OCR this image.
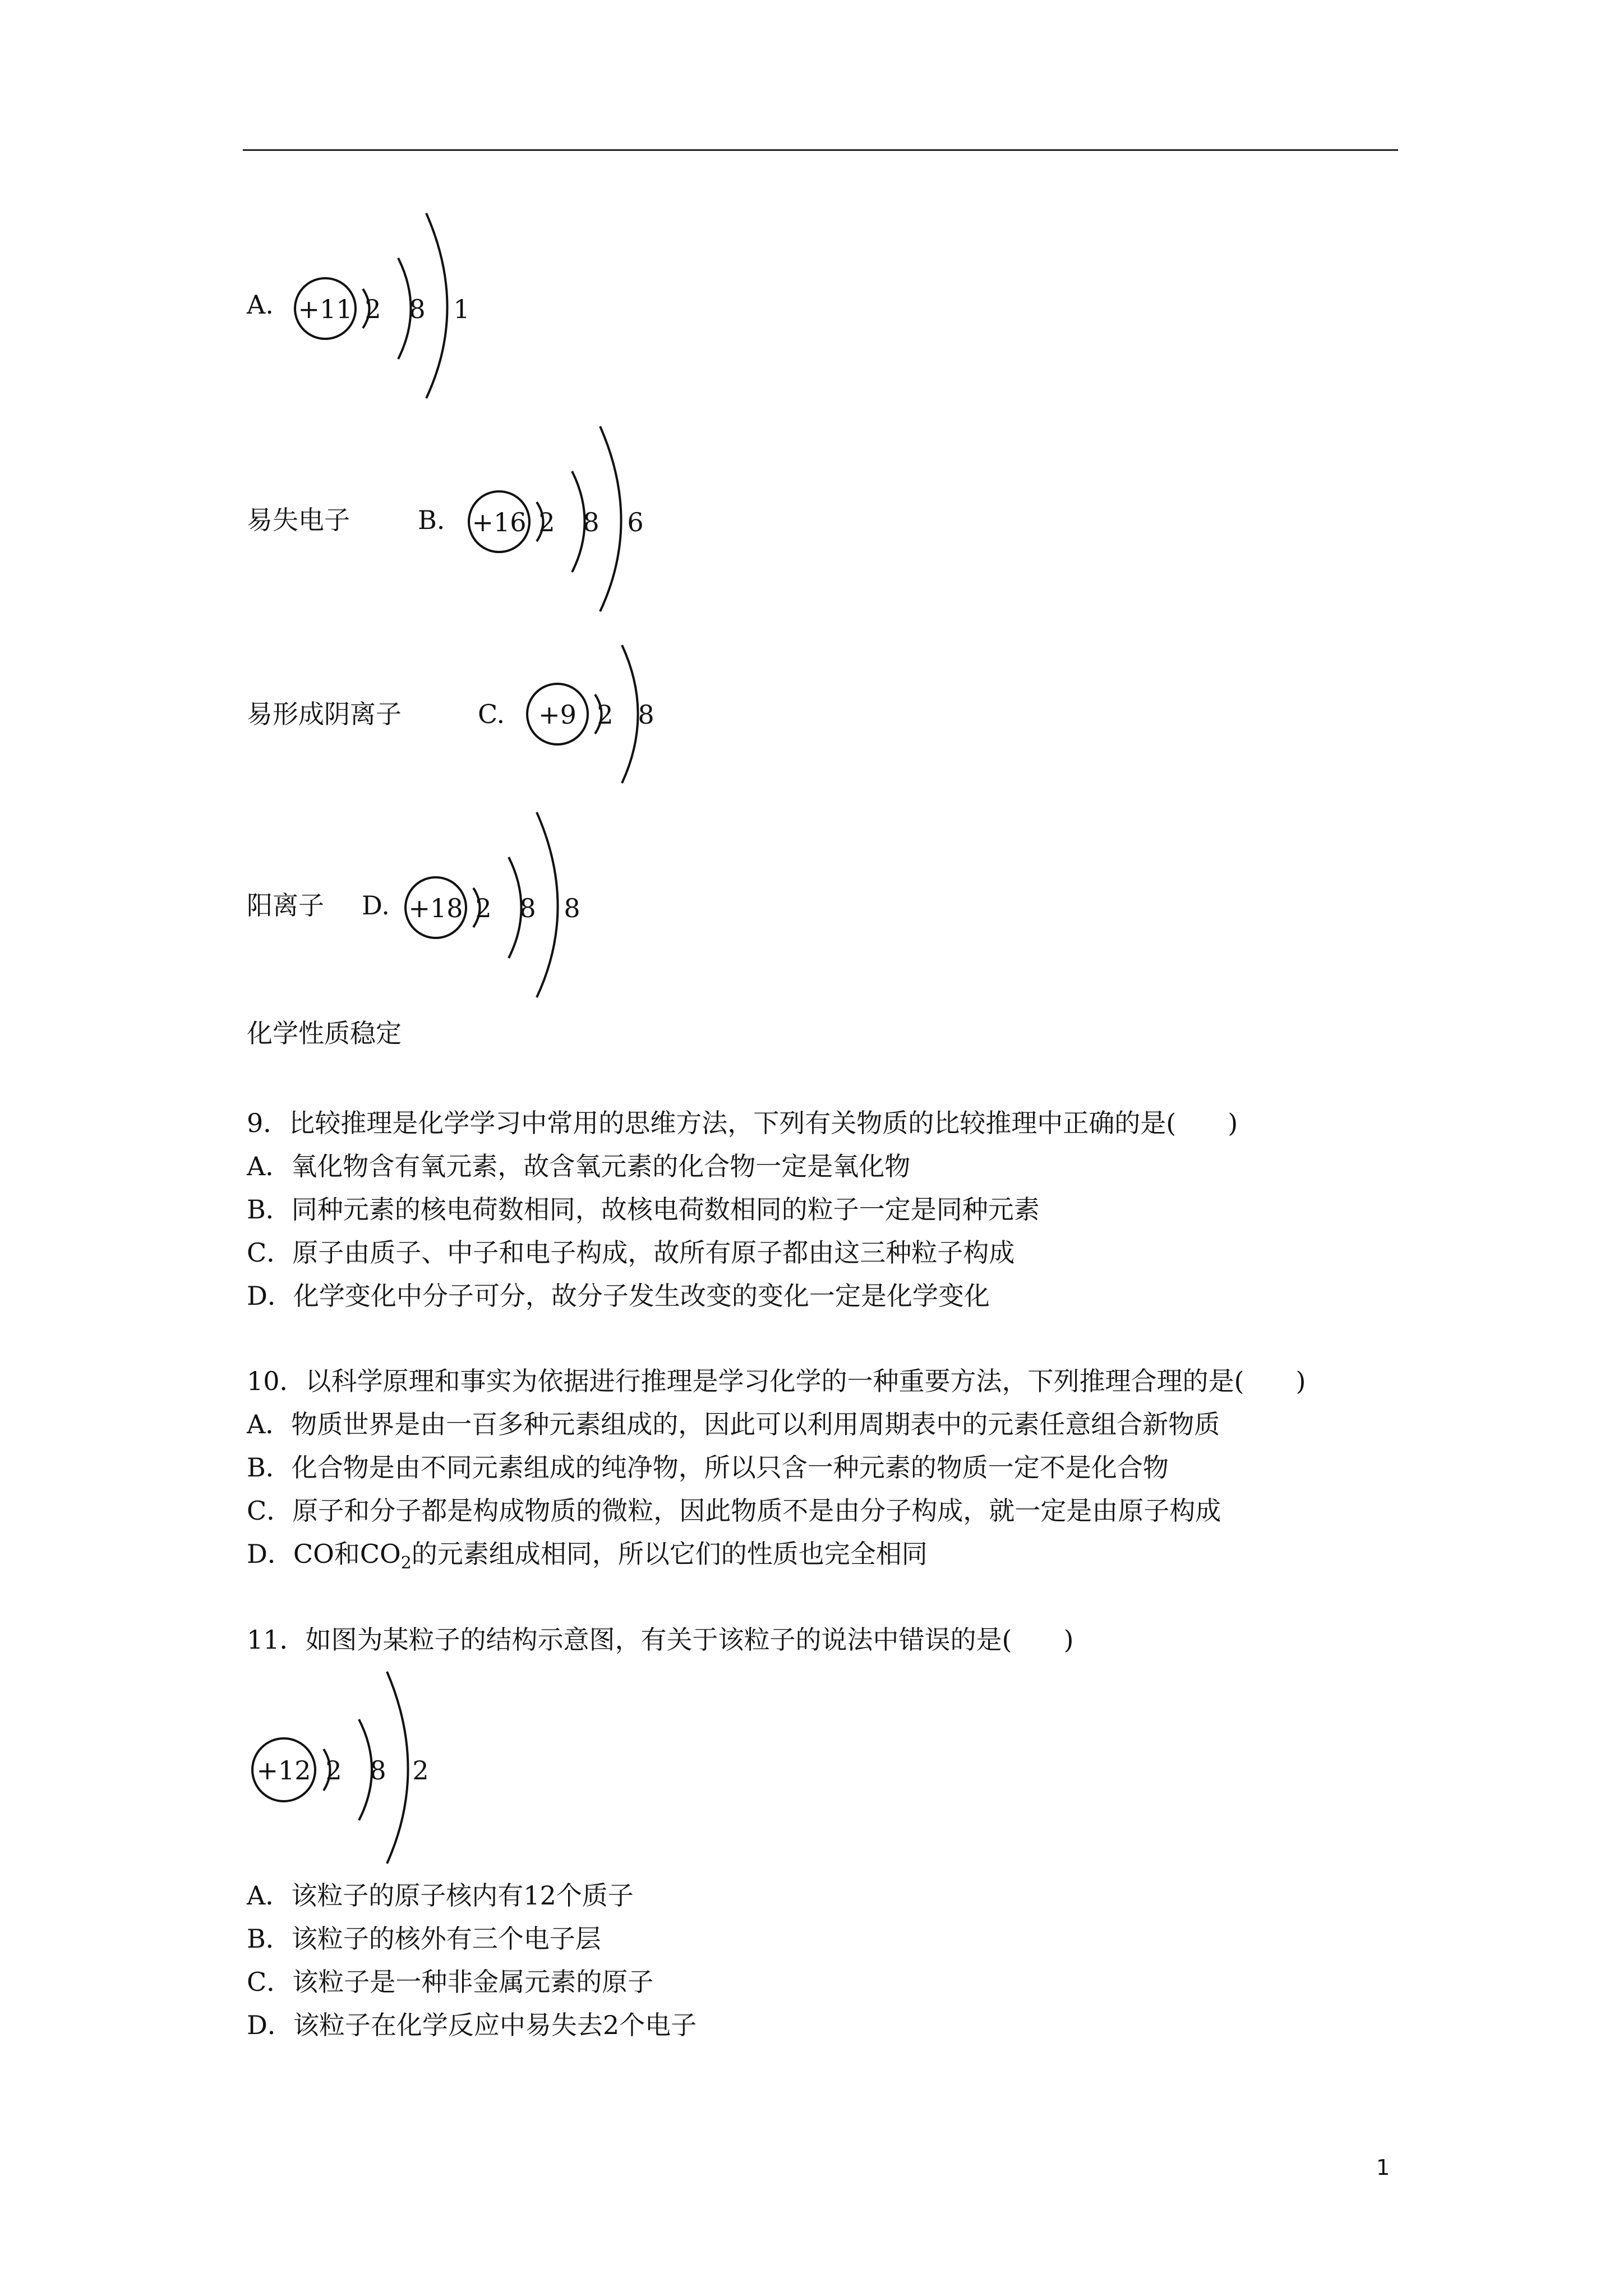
A. +11 2 8 1
易失电子	B. +16 2 8 6
易形成阴离子	C. +9 2 8
阳离子 D. +18 2 8 8
化学性质稳定
9．比较推理是化学学习中常用的思维方法，下列有关物质的比较推理中正确的是(　　)
A．氧化物含有氧元素，故含氧元素的化合物一定是氧化物
B．同种元素的核电荷数相同，故核电荷数相同的粒子一定是同种元素
C．原子由质子、中子和电子构成，故所有原子都由这三种粒子构成
D．化学变化中分子可分，故分子发生改变的变化一定是化学变化
10．以科学原理和事实为依据进行推理是学习化学的一种重要方法，下列推理合理的是(　　)
A．物质世界是由一百多种元素组成的，因此可以利用周期表中的元素任意组合新物质
B．化合物是由不同元素组成的纯净物，所以只含一种元素的物质一定不是化合物
C．原子和分子都是构成物质的微粒，因此物质不是由分子构成，就一定是由原子构成
D．CO和$CO_2$的元素组成相同，所以它们的性质也完全相同
11．如图为某粒子的结构示意图，有关于该粒子的说法中错误的是(　　)
+12 2 8 2
A．该粒子的原子核内有12个质子
B．该粒子的核外有三个电子层
C．该粒子是一种非金属元素的原子
D．该粒子在化学反应中易失去2个电子
1
